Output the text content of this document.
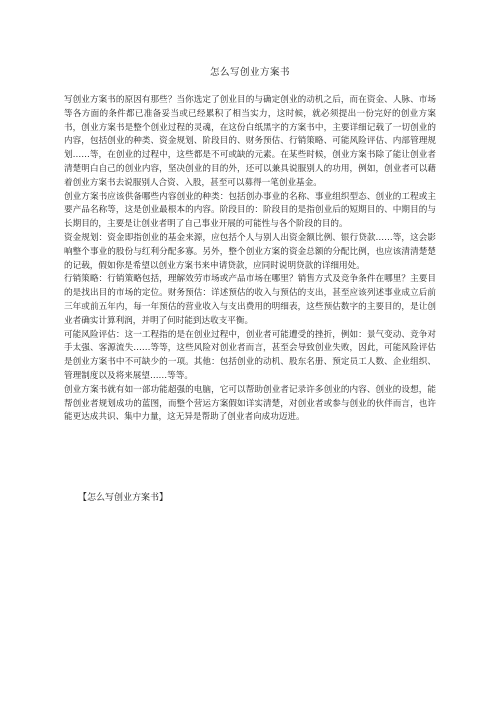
怎么写创业方案书

写创业方案书的原因有那些？当你选定了创业目的与确定创业的动机之后，而在资金、人脉、市场等各方面的条件都已准备妥当或已经累积了相当实力，这时候，就必须提出一份完好的创业方案书，创业方案书是整个创业过程的灵魂，在这份白纸黑字的方案书中，主要详细记载了一切创业的内容，包括创业的种类、资金规划、阶段目的、财务预估、行销策略、可能风险评估、内部管理规划……等，在创业的过程中，这些都是不可或缺的元素。在某些时候，创业方案书除了能让创业者清楚明白自己的创业内容，坚决创业的目的外，还可以兼具说服别人的功用，例如，创业者可以藉着创业方案书去说服别人合资、入股，甚至可以募得一笔创业基金。

创业方案书应该供备哪些内容创业的种类：包括创办事业的名称、事业组织型态、创业的工程或主要产品名称等，这是创业最根本的内容。阶段目的：阶段目的是指创业后的短期目的、中期目的与长期目的，主要是让创业者明了自己事业开展的可能性与各个阶段的目的。

资金规划：资金即指创业的基金来源，应包括个人与别人出资金额比例、银行贷款……等，这会影响整个事业的股份与红利分配多寡。另外，整个创业方案的资金总额的分配比例，也应该清清楚楚的记载，假如你是希望以创业方案书来申请贷款，应同时说明贷款的详细用处。

行销策略：行销策略包括，理解效劳市场或产品市场在哪里？销售方式及竞争条件在哪里？主要目的是找出目的市场的定位。财务预估：详述预估的收入与预估的支出，甚至应该列述事业成立后前三年或前五年内，每一年预估的营业收入与支出费用的明细表，这些预估数字的主要目的，是让创业者确实计算利润，并明了何时能到达收支平衡。

可能风险评估：这一工程指的是在创业过程中，创业者可能遭受的挫折，例如：景气变动、竞争对手太强、客源流失……等等，这些风险对创业者而言，甚至会导致创业失败，因此，可能风险评估是创业方案书中不可缺少的一项。其他：包括创业的动机、股东名册、预定员工人数、企业组织、管理制度以及将来展望……等等。

创业方案书就有如一部功能超强的电脑，它可以帮助创业者记录许多创业的内容、创业的设想，能帮创业者规划成功的蓝图，而整个营运方案假如详实清楚，对创业者或参与创业的伙伴而言，也许能更达成共识、集中力量，这无异是帮助了创业者向成功迈进。

【怎么写创业方案书】
